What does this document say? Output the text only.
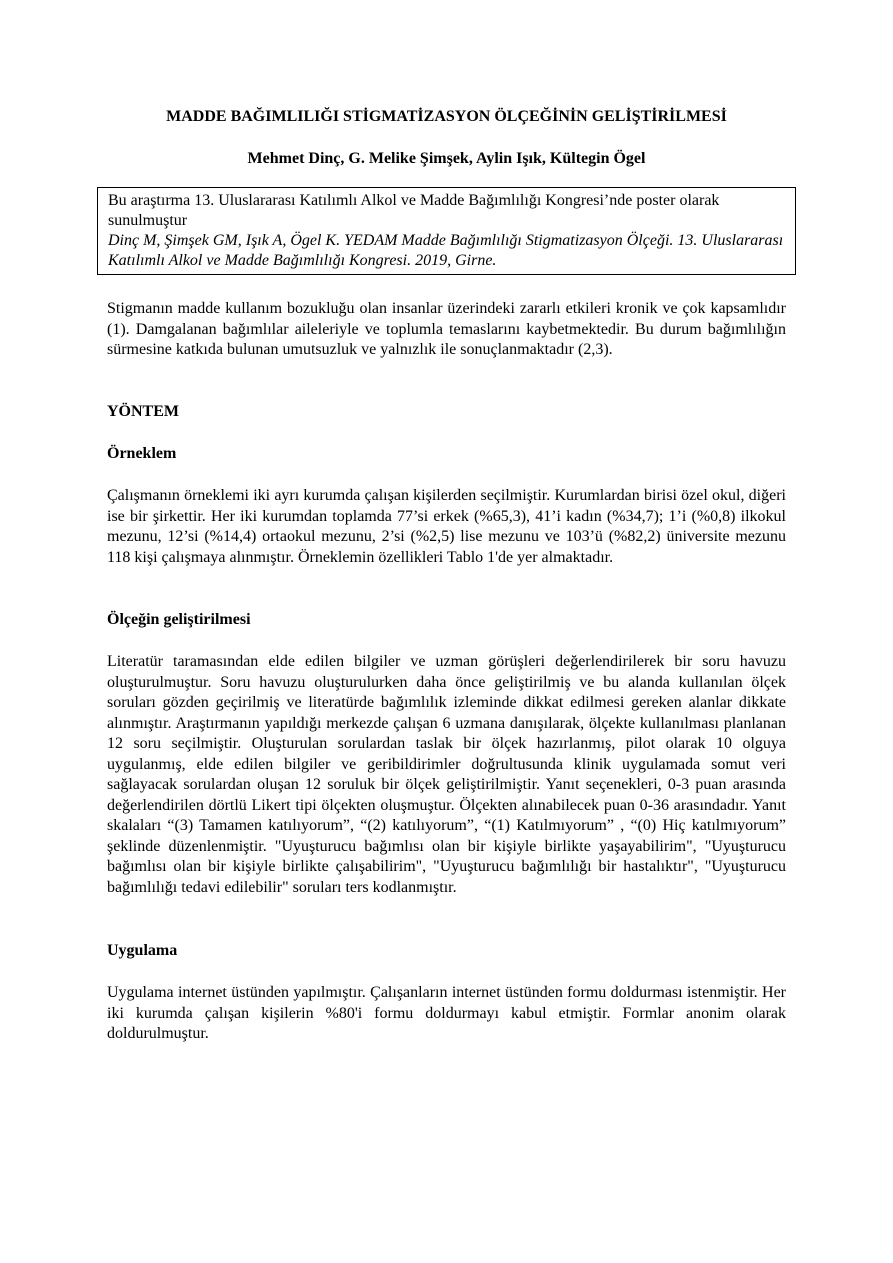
MADDE BAĞIMLILIĞI STİGMATİZASYON ÖLÇEĞİNİN GELİŞTİRİLMESİ
Mehmet Dinç, G. Melike Şimşek, Aylin Işık, Kültegin Ögel

Bu araştırma 13. Uluslararası Katılımlı Alkol ve Madde Bağımlılığı Kongresi’nde poster olarak sunulmuştur

Dinç M, Şimşek GM, Işık A, Ögel K. YEDAM Madde Bağımlılığı Stigmatizasyon Ölçeği. 13. Uluslararası Katılımlı Alkol ve Madde Bağımlılığı Kongresi. 2019, Girne.

Stigmanın madde kullanım bozukluğu olan insanlar üzerindeki zararlı etkileri kronik ve çok kapsamlıdır (1). Damgalanan bağımlılar aileleriyle ve toplumla temaslarını kaybetmektedir. Bu durum bağımlılığın sürmesine katkıda bulunan umutsuzluk ve yalnızlık ile sonuçlanmaktadır (2,3).

YÖNTEM
Örneklem

Çalışmanın örneklemi iki ayrı kurumda çalışan kişilerden seçilmiştir. Kurumlardan birisi özel okul, diğeri ise bir şirkettir. Her iki kurumdan toplamda 77’si erkek (%65,3), 41’i kadın (%34,7); 1’i (%0,8) ilkokul mezunu, 12’si (%14,4) ortaokul mezunu, 2’si (%2,5) lise mezunu ve 103’ü (%82,2) üniversite mezunu 118 kişi çalışmaya alınmıştır. Örneklemin özellikleri Tablo 1'de yer almaktadır.

Ölçeğin geliştirilmesi

Literatür taramasından elde edilen bilgiler ve uzman görüşleri değerlendirilerek bir soru havuzu oluşturulmuştur. Soru havuzu oluşturulurken daha önce geliştirilmiş ve bu alanda kullanılan ölçek soruları gözden geçirilmiş ve literatürde bağımlılık izleminde dikkat edilmesi gereken alanlar dikkate alınmıştır. Araştırmanın yapıldığı merkezde çalışan 6 uzmana danışılarak, ölçekte kullanılması planlanan 12 soru seçilmiştir. Oluşturulan sorulardan taslak bir ölçek hazırlanmış, pilot olarak 10 olguya uygulanmış, elde edilen bilgiler ve geribildirimler doğrultusunda klinik uygulamada somut veri sağlayacak sorulardan oluşan 12 soruluk bir ölçek geliştirilmiştir. Yanıt seçenekleri, 0-3 puan arasında değerlendirilen dörtlü Likert tipi ölçekten oluşmuştur. Ölçekten alınabilecek puan 0-36 arasındadır. Yanıt skalaları “(3) Tamamen katılıyorum”, “(2) katılıyorum”, “(1) Katılmıyorum” , “(0) Hiç katılmıyorum” şeklinde düzenlenmiştir. "Uyuşturucu bağımlısı olan bir kişiyle birlikte yaşayabilirim", "Uyuşturucu bağımlısı olan bir kişiyle birlikte çalışabilirim", "Uyuşturucu bağımlılığı bir hastalıktır", "Uyuşturucu bağımlılığı tedavi edilebilir" soruları ters kodlanmıştır.

Uygulama

Uygulama internet üstünden yapılmıştır. Çalışanların internet üstünden formu doldurması istenmiştir. Her iki kurumda çalışan kişilerin %80'i formu doldurmayı kabul etmiştir. Formlar anonim olarak doldurulmuştur.
